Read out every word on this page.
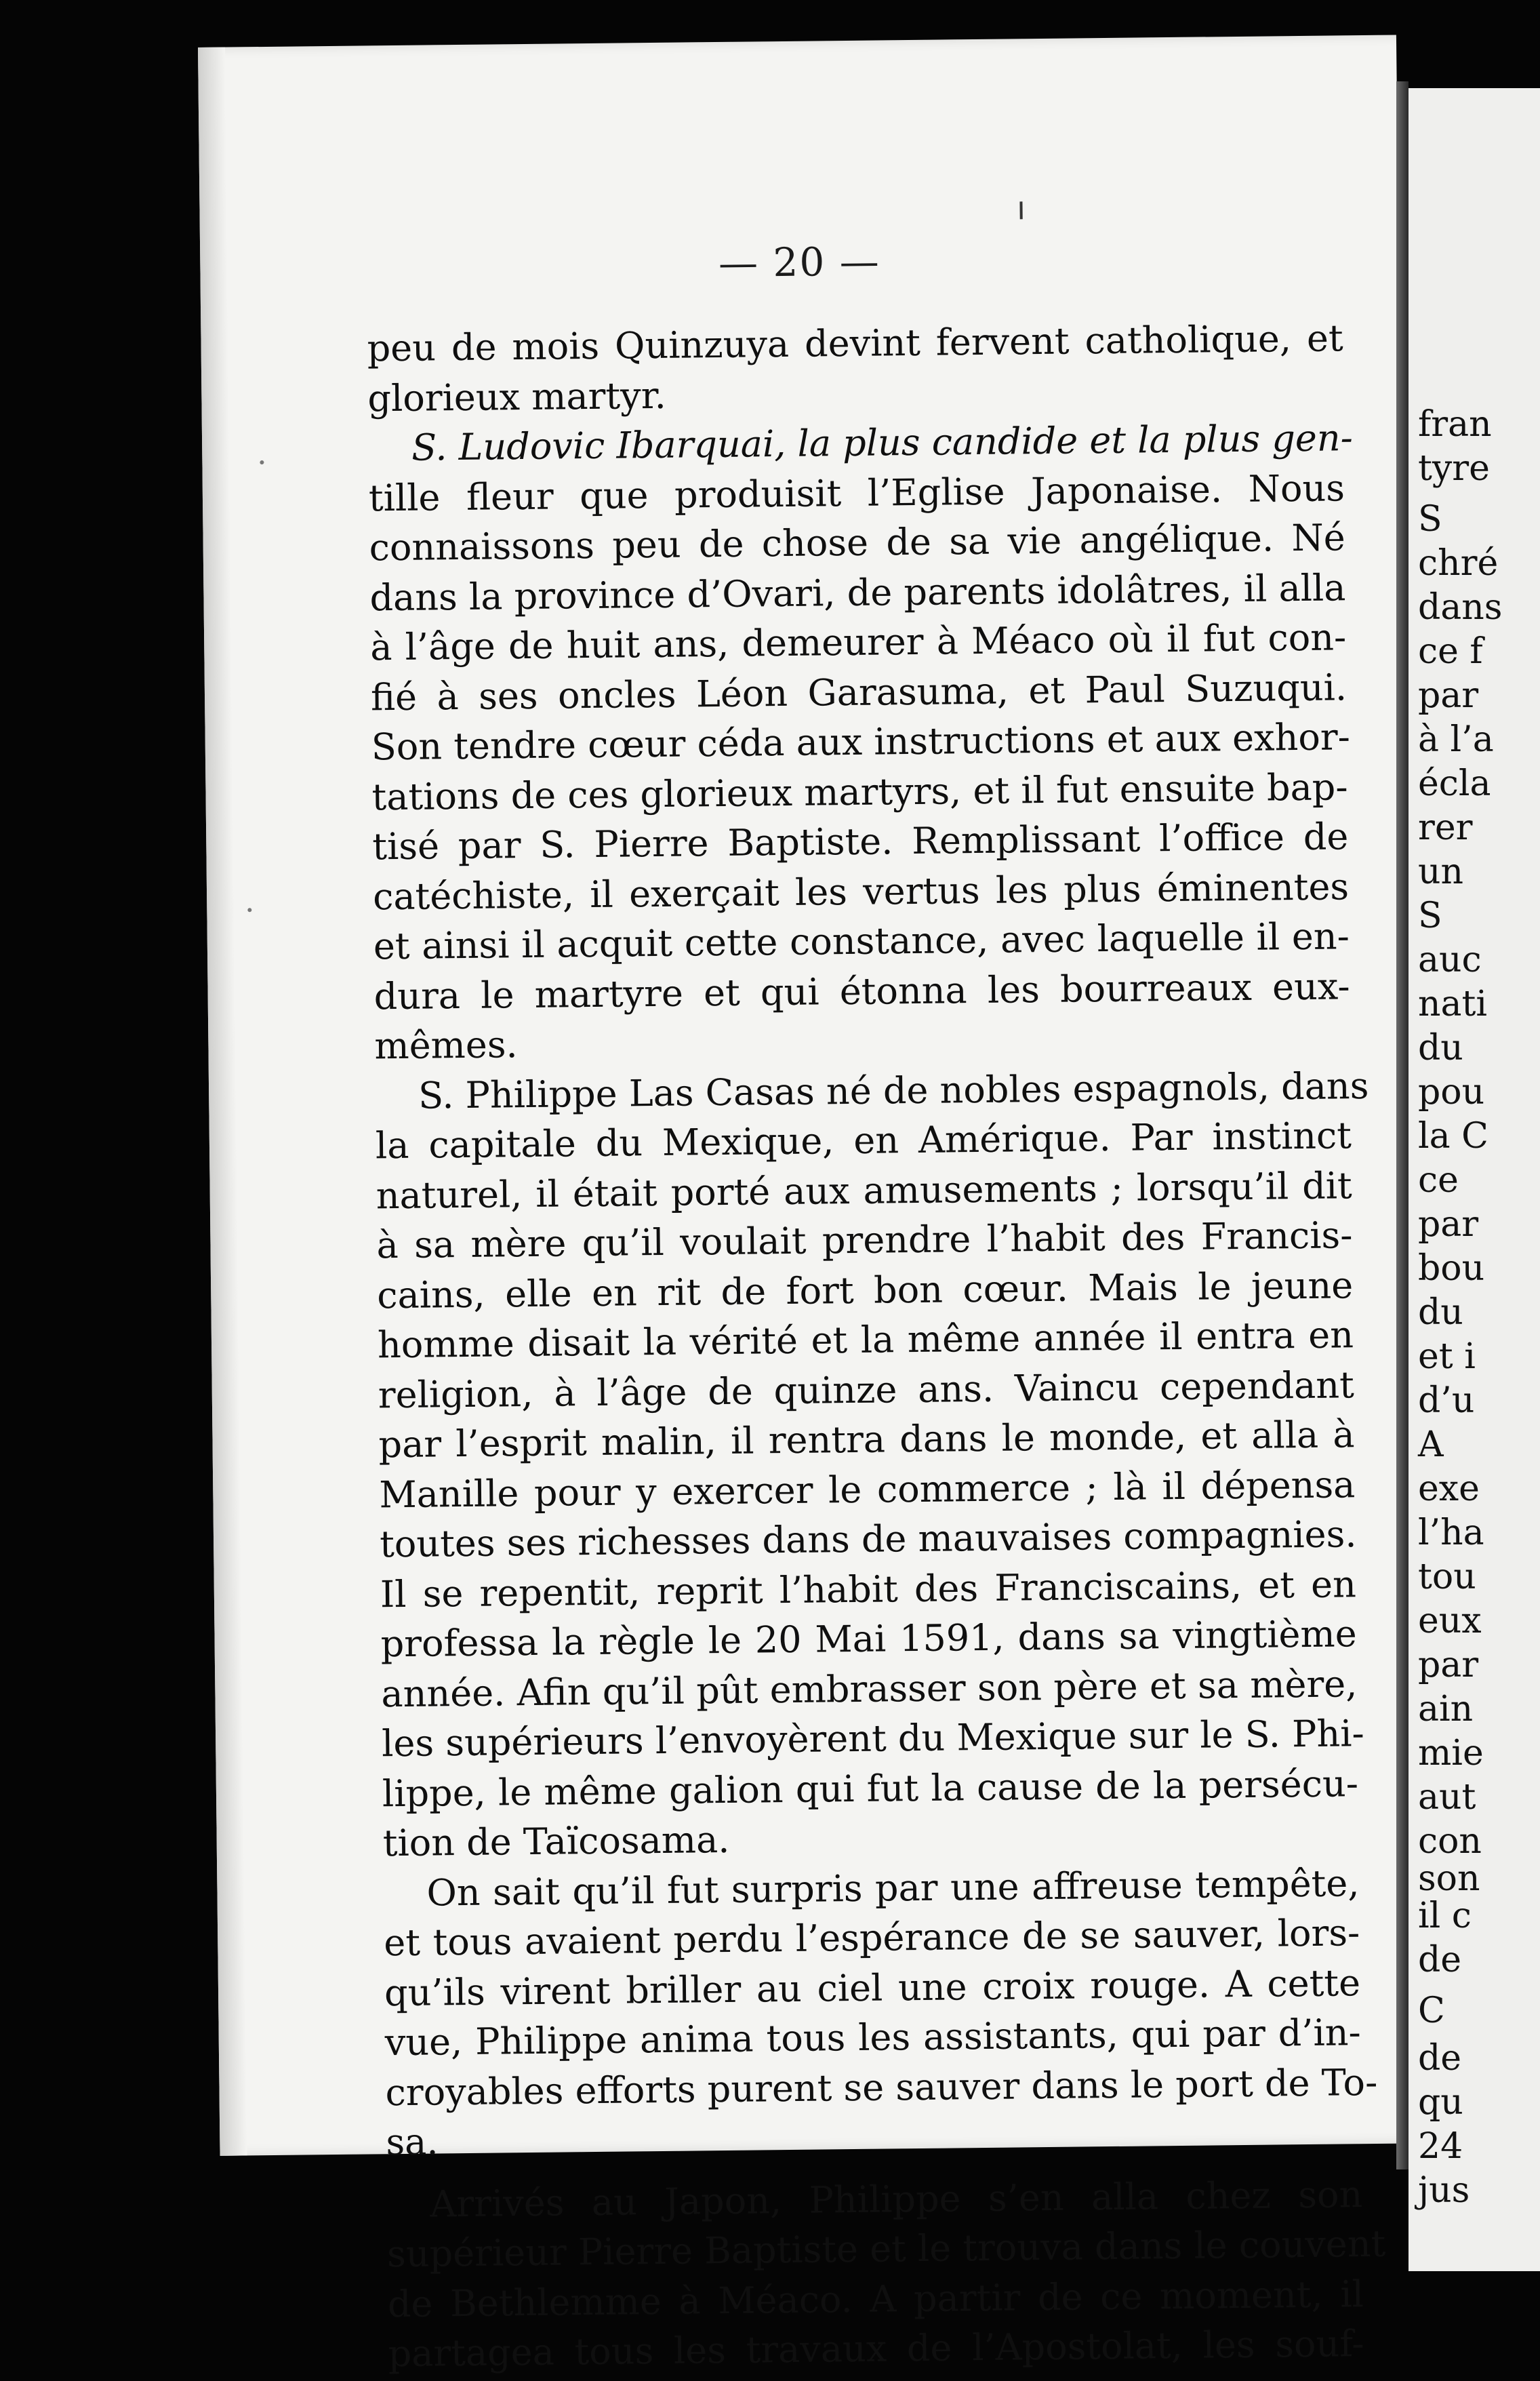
— 20 —

peu de mois Quinzuya devint fervent catholique, et
glorieux martyr.

S. Ludovic Ibarquai, la plus candide et la plus gen-
tille fleur que produisit l’Eglise Japonaise. Nous
connaissons peu de chose de sa vie angélique. Né
dans la province d’Ovari, de parents idolâtres, il alla
à l’âge de huit ans, demeurer à Méaco où il fut con-
fié à ses oncles Léon Garasuma, et Paul Suzuqui.
Son tendre cœur céda aux instructions et aux exhor-
tations de ces glorieux martyrs, et il fut ensuite bap-
tisé par S. Pierre Baptiste. Remplissant l’office de
catéchiste, il exerçait les vertus les plus éminentes
et ainsi il acquit cette constance, avec laquelle il en-
dura le martyre et qui étonna les bourreaux eux-
mêmes.

S. Philippe Las Casas né de nobles espagnols, dans
la capitale du Mexique, en Amérique. Par instinct
naturel, il était porté aux amusements ; lorsqu’il dit
à sa mère qu’il voulait prendre l’habit des Francis-
cains, elle en rit de fort bon cœur. Mais le jeune
homme disait la vérité et la même année il entra en
religion, à l’âge de quinze ans. Vaincu cependant
par l’esprit malin, il rentra dans le monde, et alla à
Manille pour y exercer le commerce ; là il dépensa
toutes ses richesses dans de mauvaises compagnies.
Il se repentit, reprit l’habit des Franciscains, et en
professa la règle le 20 Mai 1591, dans sa vingtième
année. Afin qu’il pût embrasser son père et sa mère,
les supérieurs l’envoyèrent du Mexique sur le S. Phi-
lippe, le même galion qui fut la cause de la persécu-
tion de Taïcosama.

On sait qu’il fut surpris par une affreuse tempête,
et tous avaient perdu l’espérance de se sauver, lors-
qu’ils virent briller au ciel une croix rouge. A cette
vue, Philippe anima tous les assistants, qui par d’in-
croyables efforts purent se sauver dans le port de To-
sa.

Arrivés au Japon, Philippe s’en alla chez son
supérieur Pierre Baptiste et le trouva dans le couvent
de Bethlemme à Méaco. A partir de ce moment, il
partagea tous les travaux de l’Apostolat, les souf-

fran
tyre
S
chré
dans
ce f
par
à l’a
écla
rer
un
S
auc
nati
du
pou
la C
ce
par
bou
du
et i
d’u
A
exe
l’ha
tou
eux
par
ain
mie
aut
con
son
il c
de
C
de
qu
24
jus
